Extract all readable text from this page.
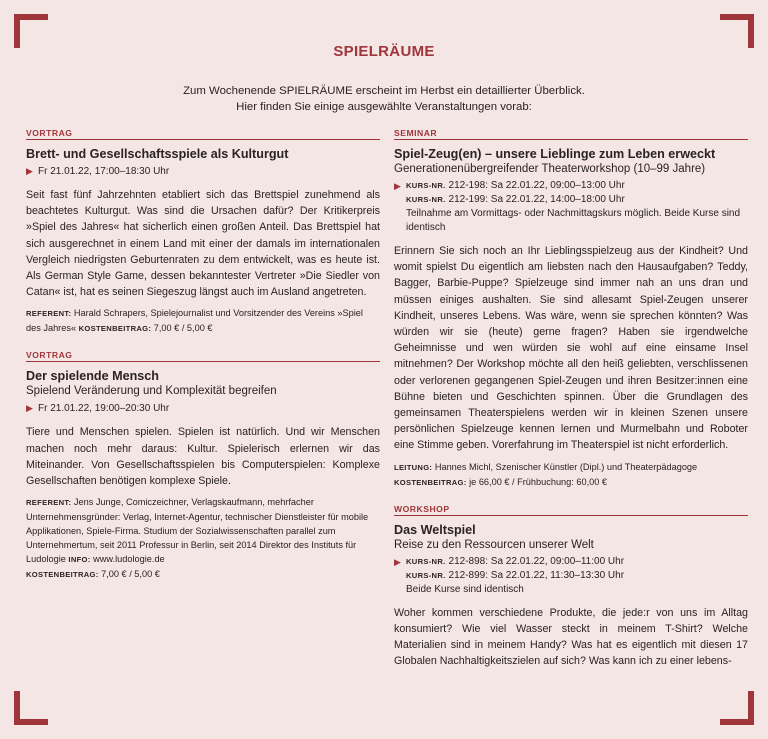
SPIELRÄUME
Zum Wochenende SPIELRÄUME erscheint im Herbst ein detaillierter Überblick.
Hier finden Sie einige ausgewählte Veranstaltungen vorab:
VORTRAG
Brett- und Gesellschaftsspiele als Kulturgut
▶ Fr 21.01.22, 17:00–18:30 Uhr
Seit fast fünf Jahrzehnten etabliert sich das Brettspiel zunehmend als beachtetes Kulturgut. Was sind die Ursachen dafür? Der Kritikerpreis »Spiel des Jahres« hat sicherlich einen großen Anteil. Das Brettspiel hat sich ausgerechnet in einem Land mit einer der damals im internationalen Vergleich niedrigsten Geburtenraten zu dem entwickelt, was es heute ist. Als German Style Game, dessen bekanntester Vertreter »Die Siedler von Catan« ist, hat es seinen Siegeszug längst auch im Ausland angetreten.
REFERENT: Harald Schrapers, Spielejournalist und Vorsitzender des Vereins »Spiel des Jahres« KOSTENBEITRAG: 7,00 € / 5,00 €
VORTRAG
Der spielende Mensch
Spielend Veränderung und Komplexität begreifen
▶ Fr 21.01.22, 19:00–20:30 Uhr
Tiere und Menschen spielen. Spielen ist natürlich. Und wir Menschen machen noch mehr daraus: Kultur. Spielerisch erlernen wir das Miteinander. Von Gesellschaftsspielen bis Computerspielen: Komplexe Gesellschaften benötigen komplexe Spiele.
REFERENT: Jens Junge, Comiczeichner, Verlagskaufmann, mehrfacher Unternehmensgründer: Verlag, Internet-Agentur, technischer Dienstleister für mobile Applikationen, Spiele-Firma. Studium der Sozialwissenschaften parallel zum Unternehmertum, seit 2011 Professur in Berlin, seit 2014 Direktor des Instituts für Ludologie INFO: www.ludologie.de
KOSTENBEITRAG: 7,00 € / 5,00 €
SEMINAR
Spiel-Zeug(en) – unsere Lieblinge zum Leben erweckt
Generationenübergreifender Theaterworkshop (10–99 Jahre)
▶ KURS-NR. 212-198: Sa 22.01.22, 09:00–13:00 Uhr
KURS-NR. 212-199: Sa 22.01.22, 14:00–18:00 Uhr
Teilnahme am Vormittags- oder Nachmittagskurs möglich. Beide Kurse sind identisch
Erinnern Sie sich noch an Ihr Lieblingsspielzeug aus der Kindheit? Und womit spielst Du eigentlich am liebsten nach den Hausaufgaben? Teddy, Bagger, Barbie-Puppe? Spielzeuge sind immer nah an uns dran und müssen einiges aushalten. Sie sind allesamt Spiel-Zeugen unserer Kindheit, unseres Lebens. Was wäre, wenn sie sprechen könnten? Was würden wir sie (heute) gerne fragen? Haben sie irgendwelche Geheimnisse und wen würden sie wohl auf eine einsame Insel mitnehmen? Der Workshop möchte all den heiß geliebten, verschlissenen oder verlorenen gegangenen Spiel-Zeugen und ihren Besitzer:innen eine Bühne bieten und Geschichten spinnen. Über die Grundlagen des gemeinsamen Theaterspielens werden wir in kleinen Szenen unsere persönlichen Spielzeuge kennen lernen und Murmelbahn und Roboter eine Stimme geben. Vorerfahrung im Theaterspiel ist nicht erforderlich.
LEITUNG: Hannes Michl, Szenischer Künstler (Dipl.) und Theaterpädagoge
KOSTENBEITRAG: je 66,00 € / Frühbuchung: 60,00 €
WORKSHOP
Das Weltspiel
Reise zu den Ressourcen unserer Welt
▶ KURS-NR. 212-898: Sa 22.01.22, 09:00–11:00 Uhr
KURS-NR. 212-899: Sa 22.01.22, 11:30–13:30 Uhr
Beide Kurse sind identisch
Woher kommen verschiedene Produkte, die jede:r von uns im Alltag konsumiert? Wie viel Wasser steckt in meinem T-Shirt? Welche Materialien sind in meinem Handy? Was hat es eigentlich mit diesen 17 Globalen Nachhaltigkeitszielen auf sich? Was kann ich zu einer lebens-
